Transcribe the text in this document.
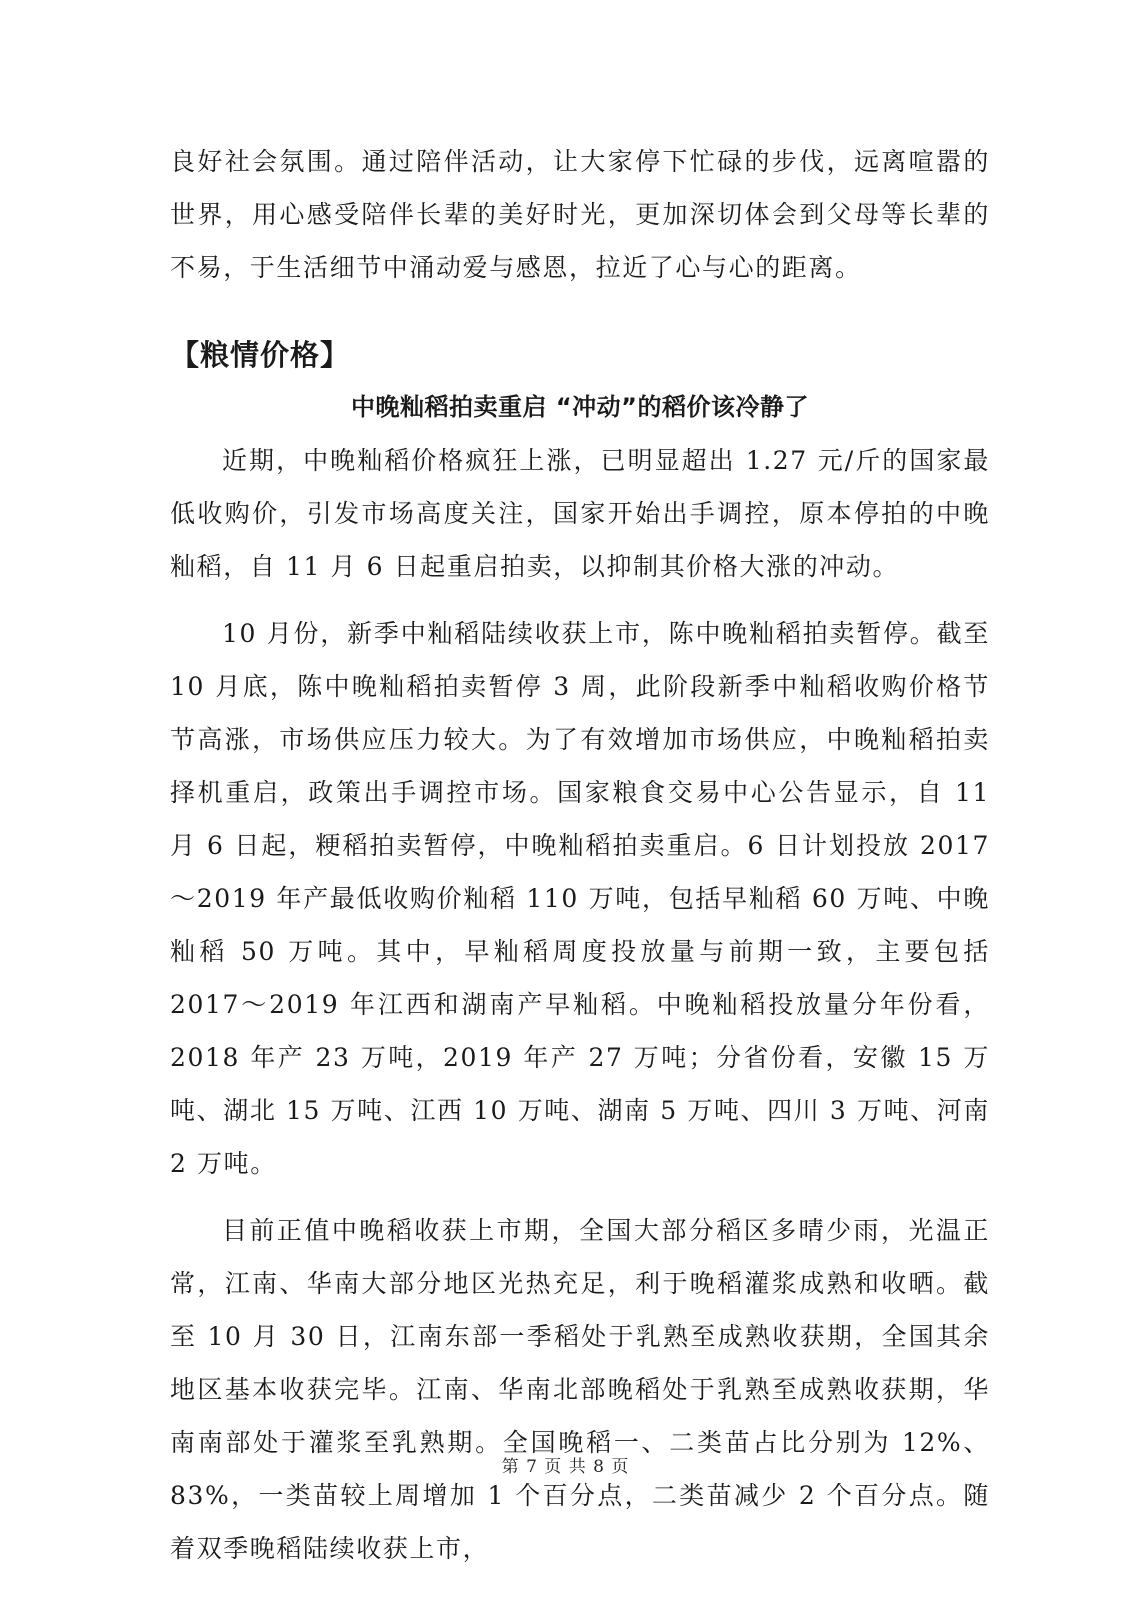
良好社会氛围。通过陪伴活动，让大家停下忙碌的步伐，远离喧嚣的世界，用心感受陪伴长辈的美好时光，更加深切体会到父母等长辈的不易，于生活细节中涌动爱与感恩，拉近了心与心的距离。

【粮情价格】
中晚籼稻拍卖重启 “冲动”的稻价该冷静了

近期，中晚籼稻价格疯狂上涨，已明显超出 1.27 元/斤的国家最低收购价，引发市场高度关注，国家开始出手调控，原本停拍的中晚籼稻，自 11 月 6 日起重启拍卖，以抑制其价格大涨的冲动。

10 月份，新季中籼稻陆续收获上市，陈中晚籼稻拍卖暂停。截至 10 月底，陈中晚籼稻拍卖暂停 3 周，此阶段新季中籼稻收购价格节节高涨，市场供应压力较大。为了有效增加市场供应，中晚籼稻拍卖择机重启，政策出手调控市场。国家粮食交易中心公告显示，自 11 月 6 日起，粳稻拍卖暂停，中晚籼稻拍卖重启。6 日计划投放 2017～2019 年产最低收购价籼稻 110 万吨，包括早籼稻 60 万吨、中晚籼稻 50 万吨。其中，早籼稻周度投放量与前期一致，主要包括 2017～2019 年江西和湖南产早籼稻。中晚籼稻投放量分年份看，2018 年产 23 万吨，2019 年产 27 万吨；分省份看，安徽 15 万吨、湖北 15 万吨、江西 10 万吨、湖南 5 万吨、四川 3 万吨、河南 2 万吨。

目前正值中晚稻收获上市期，全国大部分稻区多晴少雨，光温正常，江南、华南大部分地区光热充足，利于晚稻灌浆成熟和收晒。截至 10 月 30 日，江南东部一季稻处于乳熟至成熟收获期，全国其余地区基本收获完毕。江南、华南北部晚稻处于乳熟至成熟收获期，华南南部处于灌浆至乳熟期。全国晚稻一、二类苗占比分别为 12%、83%，一类苗较上周增加 1 个百分点，二类苗减少 2 个百分点。随着双季晚稻陆续收获上市，

第 7 页 共 8 页
